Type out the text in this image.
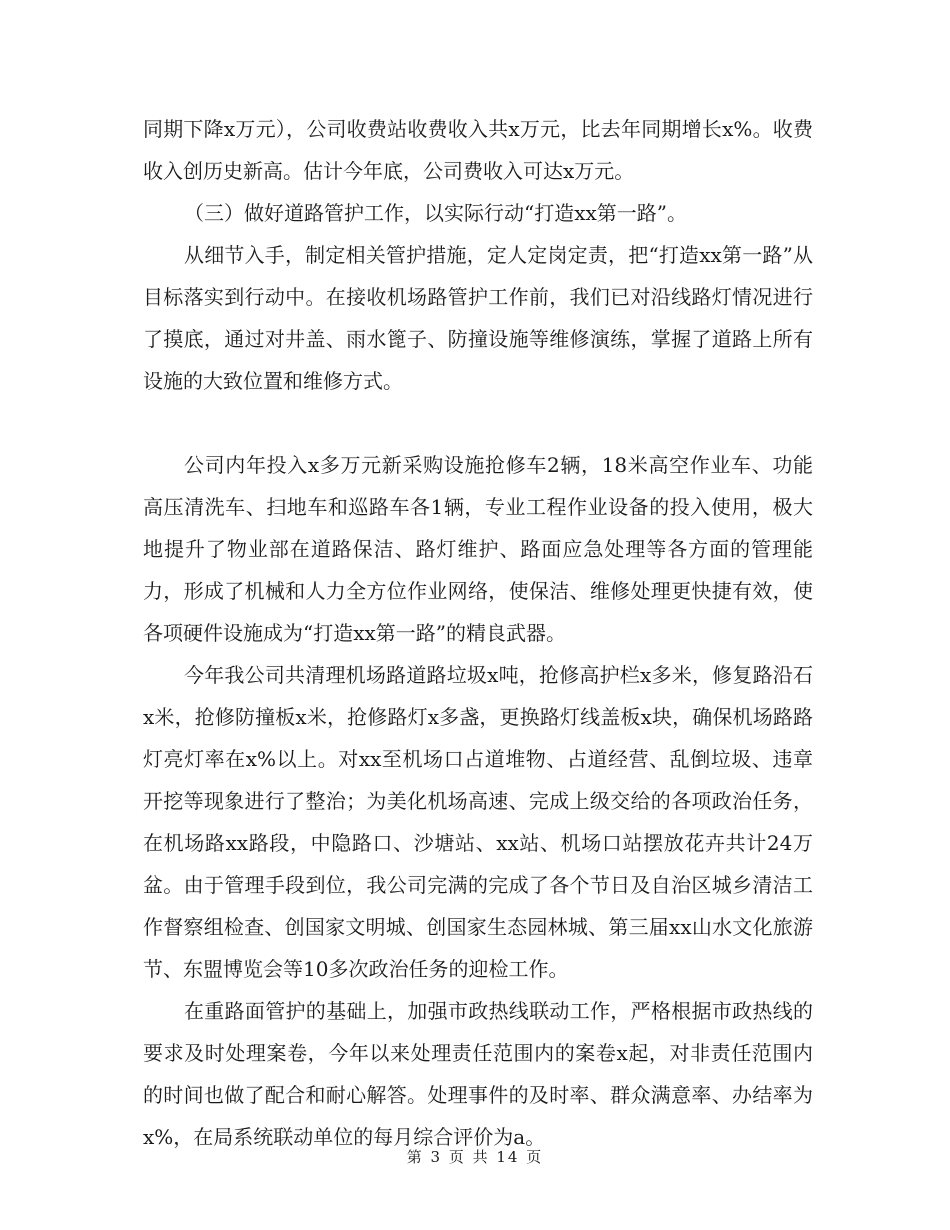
同期下降x万元），公司收费站收费收入共x万元，比去年同期增长x%。收费收入创历史新高。估计今年底，公司费收入可达x万元。

（三）做好道路管护工作，以实际行动“打造xx第一路”。

从细节入手，制定相关管护措施，定人定岗定责，把“打造xx第一路”从目标落实到行动中。在接收机场路管护工作前，我们已对沿线路灯情况进行了摸底，通过对井盖、雨水篦子、防撞设施等维修演练，掌握了道路上所有设施的大致位置和维修方式。

公司内年投入x多万元新采购设施抢修车2辆，18米高空作业车、功能高压清洗车、扫地车和巡路车各1辆，专业工程作业设备的投入使用，极大地提升了物业部在道路保洁、路灯维护、路面应急处理等各方面的管理能力，形成了机械和人力全方位作业网络，使保洁、维修处理更快捷有效，使各项硬件设施成为“打造xx第一路”的精良武器。

今年我公司共清理机场路道路垃圾x吨，抢修高护栏x多米，修复路沿石x米，抢修防撞板x米，抢修路灯x多盏，更换路灯线盖板x块，确保机场路路灯亮灯率在x%以上。对xx至机场口占道堆物、占道经营、乱倒垃圾、违章开挖等现象进行了整治；为美化机场高速、完成上级交给的各项政治任务，在机场路xx路段，中隐路口、沙塘站、xx站、机场口站摆放花卉共计24万盆。由于管理手段到位，我公司完满的完成了各个节日及自治区城乡清洁工作督察组检查、创国家文明城、创国家生态园林城、第三届xx山水文化旅游节、东盟博览会等10多次政治任务的迎检工作。

在重路面管护的基础上，加强市政热线联动工作，严格根据市政热线的要求及时处理案卷，今年以来处理责任范围内的案卷x起，对非责任范围内的时间也做了配合和耐心解答。处理事件的及时率、群众满意率、办结率为x%，在局系统联动单位的每月综合评价为a。

第 3 页 共 14 页
